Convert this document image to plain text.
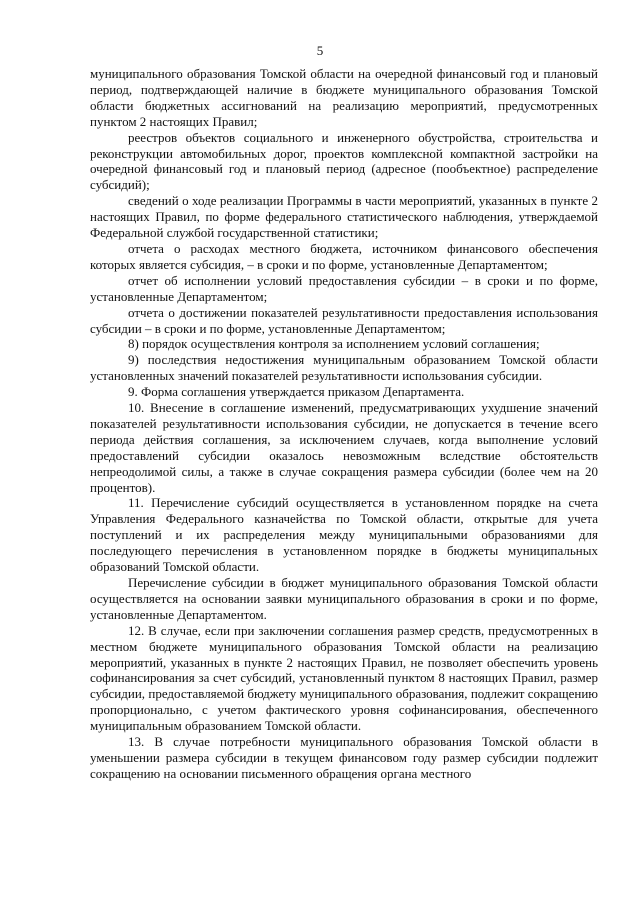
5

муниципального образования Томской области на очередной финансовый год и плановый период, подтверждающей наличие в бюджете муниципального образования Томской области бюджетных ассигнований на реализацию мероприятий, предусмотренных пунктом 2 настоящих Правил;

реестров объектов социального и инженерного обустройства, строительства и реконструкции автомобильных дорог, проектов комплексной компактной застройки на очередной финансовый год и плановый период (адресное (пообъектное) распределение субсидий);

сведений о ходе реализации Программы в части мероприятий, указанных в пункте 2 настоящих Правил, по форме федерального статистического наблюдения, утверждаемой Федеральной службой государственной статистики;

отчета о расходах местного бюджета, источником финансового обеспечения которых является субсидия, – в сроки и по форме, установленные Департаментом;

отчет об исполнении условий предоставления субсидии – в сроки и по форме, установленные Департаментом;

отчета о достижении показателей результативности предоставления использования субсидии – в сроки и по форме, установленные Департаментом;

8) порядок осуществления контроля за исполнением условий соглашения;

9) последствия недостижения муниципальным образованием Томской области установленных значений показателей результативности использования субсидии.

9. Форма соглашения утверждается приказом Департамента.

10. Внесение в соглашение изменений, предусматривающих ухудшение значений показателей результативности использования субсидии, не допускается в течение всего периода действия соглашения, за исключением случаев, когда выполнение условий предоставлений субсидии оказалось невозможным вследствие обстоятельств непреодолимой силы, а также в случае сокращения размера субсидии (более чем на 20 процентов).

11. Перечисление субсидий осуществляется в установленном порядке на счета Управления Федерального казначейства по Томской области, открытые для учета поступлений и их распределения между муниципальными образованиями для последующего перечисления в установленном порядке в бюджеты муниципальных образований Томской области.

Перечисление субсидии в бюджет муниципального образования Томской области осуществляется на основании заявки муниципального образования в сроки и по форме, установленные Департаментом.

12. В случае, если при заключении соглашения размер средств, предусмотренных в местном бюджете муниципального образования Томской области на реализацию мероприятий, указанных в пункте 2 настоящих Правил, не позволяет обеспечить уровень софинансирования за счет субсидий, установленный пунктом 8 настоящих Правил, размер субсидии, предоставляемой бюджету муниципального образования, подлежит сокращению пропорционально, с учетом фактического уровня софинансирования, обеспеченного муниципальным образованием Томской области.

13. В случае потребности муниципального образования Томской области в уменьшении размера субсидии в текущем финансовом году размер субсидии подлежит сокращению на основании письменного обращения органа местного
